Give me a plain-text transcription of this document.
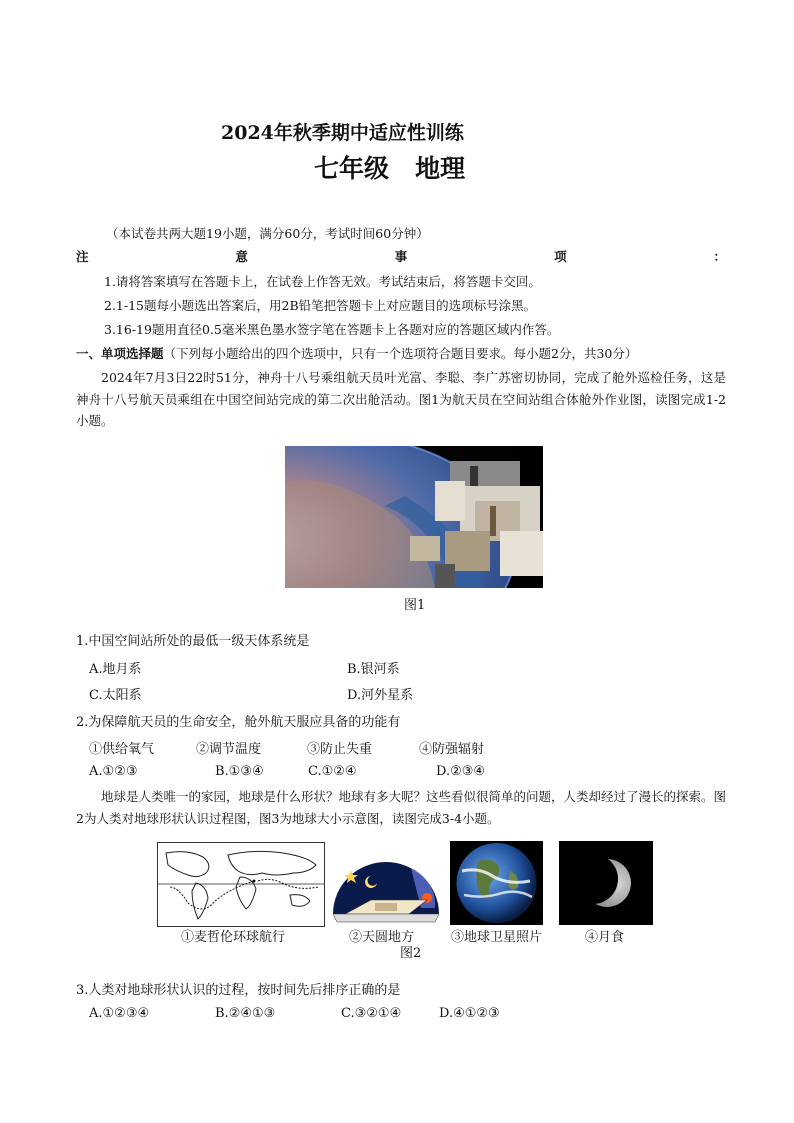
2024年秋季期中适应性训练
七年级   地理
（本试卷共两大题19小题，满分60分，考试时间60分钟）
注	意	事	项	：
1.请将答案填写在答题卡上，在试卷上作答无效。考试结束后，将答题卡交回。
2.1-15题每小题选出答案后，用2B铅笔把答题卡上对应题目的选项标号涂黑。
3.16-19题用直径0.5毫米黑色墨水签字笔在答题卡上各题对应的答题区域内作答。
一、单项选择题（下列每小题给出的四个选项中，只有一个选项符合题目要求。每小题2分，共30分）
2024年7月3日22时51分，神舟十八号乘组航天员叶光富、李聪、李广苏密切协同，完成了舱外巡检任务，这是神舟十八号航天员乘组在中国空间站完成的第二次出舱活动。图1为航天员在空间站组合体舱外作业图，读图完成1-2小题。
图1
1.中国空间站所处的最低一级天体系统是
A.地月系	B.银河系
C.太阳系	D.河外星系
2.为保障航天员的生命安全，舱外航天服应具备的功能有
①供给氧气	②调节温度	③防止失重	④防强辐射
A.①②③	B.①③④	C.①②④	D.②③④
地球是人类唯一的家园，地球是什么形状？地球有多大呢？这些看似很简单的问题，人类却经过了漫长的探索。图2为人类对地球形状认识过程图，图3为地球大小示意图，读图完成3-4小题。
①麦哲伦环球航行	②天圆地方	③地球卫星照片	④月食
图2
3.人类对地球形状认识的过程，按时间先后排序正确的是
A.①②③④	B.②④①③	C.③②①④	D.④①②③
